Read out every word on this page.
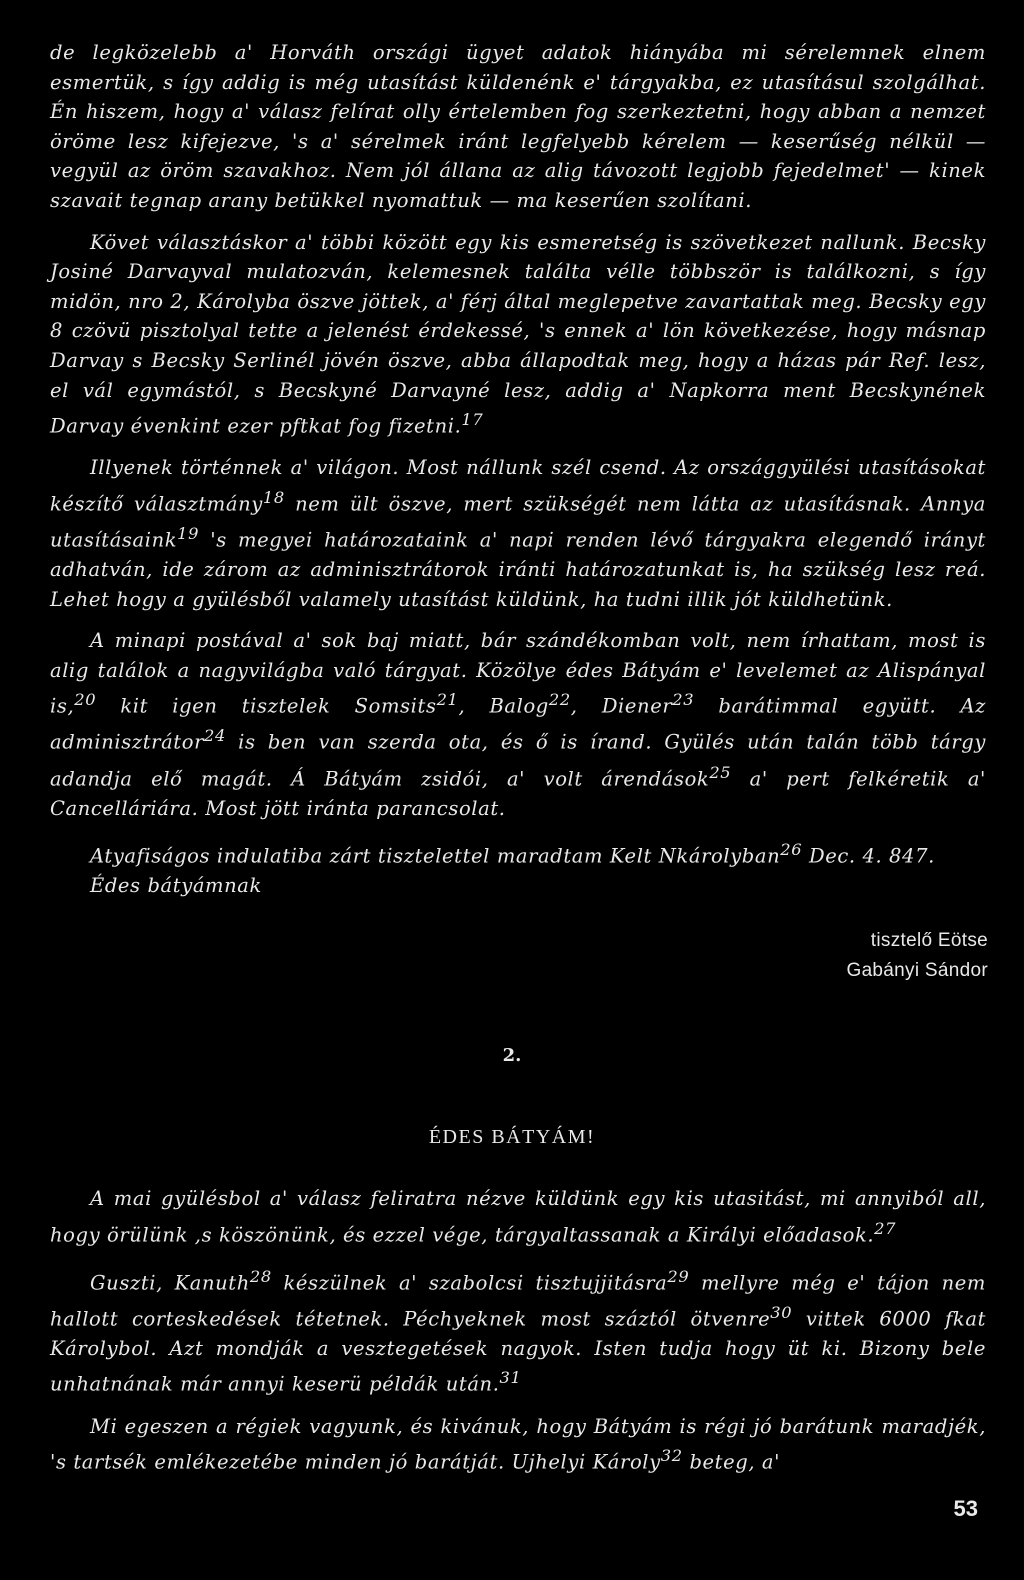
de legközelebb a' Horváth országi ügyet adatok hiányába mi sérelemnek elnem esmertük, s így addig is még utasítást küldenénk e' tárgyakba, ez utasításul szolgálhat. Én hiszem, hogy a' válasz felírat olly értelemben fog szerkeztetni, hogy abban a nemzet öröme lesz kifejezve, 's a' sérelmek iránt legfelyebb kérelem — keserűség nélkül — vegyül az öröm szavakhoz. Nem jól állana az alig távozott legjobb fejedelmet' — kinek szavait tegnap arany betükkel nyomattuk — ma keserűen szolítani.

Követ választáskor a' többi között egy kis esmeretség is szövetkezet nallunk. Becsky Josiné Darvayval mulatozván, kelemesnek találta vélle többször is találkozni, s így midön, nro 2, Károlyba öszve jöttek, a' férj által meglepetve zavartattak meg. Becsky egy 8 czövü pisztolyal tette a jelenést érdekessé, 's ennek a' lön következése, hogy másnap Darvay s Becsky Serlinél jövén öszve, abba állapodtak meg, hogy a házas pár Ref. lesz, el vál egymástól, s Becskyné Darvayné lesz, addig a' Napkorra ment Becskynének Darvay évenkint ezer pftkat fog fizetni.$^{17}$

Illyenek történnek a' világon. Most nállunk szél csend. Az országgyülési utasításokat készítő választmány$^{18}$ nem ült öszve, mert szükségét nem látta az utasításnak. Annya utasításaink$^{19}$ 's megyei határozataink a' napi renden lévő tárgyakra elegendő irányt adhatván, ide zárom az adminisztrátorok iránti határozatunkat is, ha szükség lesz reá. Lehet hogy a gyülésből valamely utasítást küldünk, ha tudni illik jót küldhetünk.

A minapi postával a' sok baj miatt, bár szándékomban volt, nem írhattam, most is alig találok a nagyvilágba való tárgyat. Közölye édes Bátyám e' levelemet az Alispányal is,$^{20}$ kit igen tisztelek Somsits$^{21}$, Balog$^{22}$, Diener$^{23}$ barátimmal együtt. Az adminisztrátor$^{24}$ is ben van szerda ota, és ő is írand. Gyülés után talán több tárgy adandja elő magát. Á Bátyám zsidói, a' volt árendások$^{25}$ a' pert felkéretik a' Cancelláriára. Most jött iránta parancsolat.

Atyafiságos indulatiba zárt tisztelettel maradtam Kelt Nkárolyban$^{26}$ Dec. 4. 847.

Édes bátyámnak

tisztelő Eötse
Gabányi Sándor
2.
ÉDES BÁTYÁM!

A mai gyülésbol a' válasz feliratra nézve küldünk egy kis utasitást, mi annyiból all, hogy örülünk ,s köszönünk, és ezzel vége, tárgyaltassanak a Királyi előadasok.$^{27}$

Guszti, Kanuth$^{28}$ készülnek a' szabolcsi tisztujjitásra$^{29}$ mellyre még e' tájon nem hallott corteskedések tétetnek. Péchyeknek most száztól ötvenre$^{30}$ vittek 6000 fkat Károlybol. Azt mondják a vesztegetések nagyok. Isten tudja hogy üt ki. Bizony bele unhatnának már annyi keserü példák után.$^{31}$

Mi egeszen a régiek vagyunk, és kivánuk, hogy Bátyám is régi jó barátunk maradjék, 's tartsék emlékezetébe minden jó barátját. Ujhelyi Károly$^{32}$ beteg, a'

53
